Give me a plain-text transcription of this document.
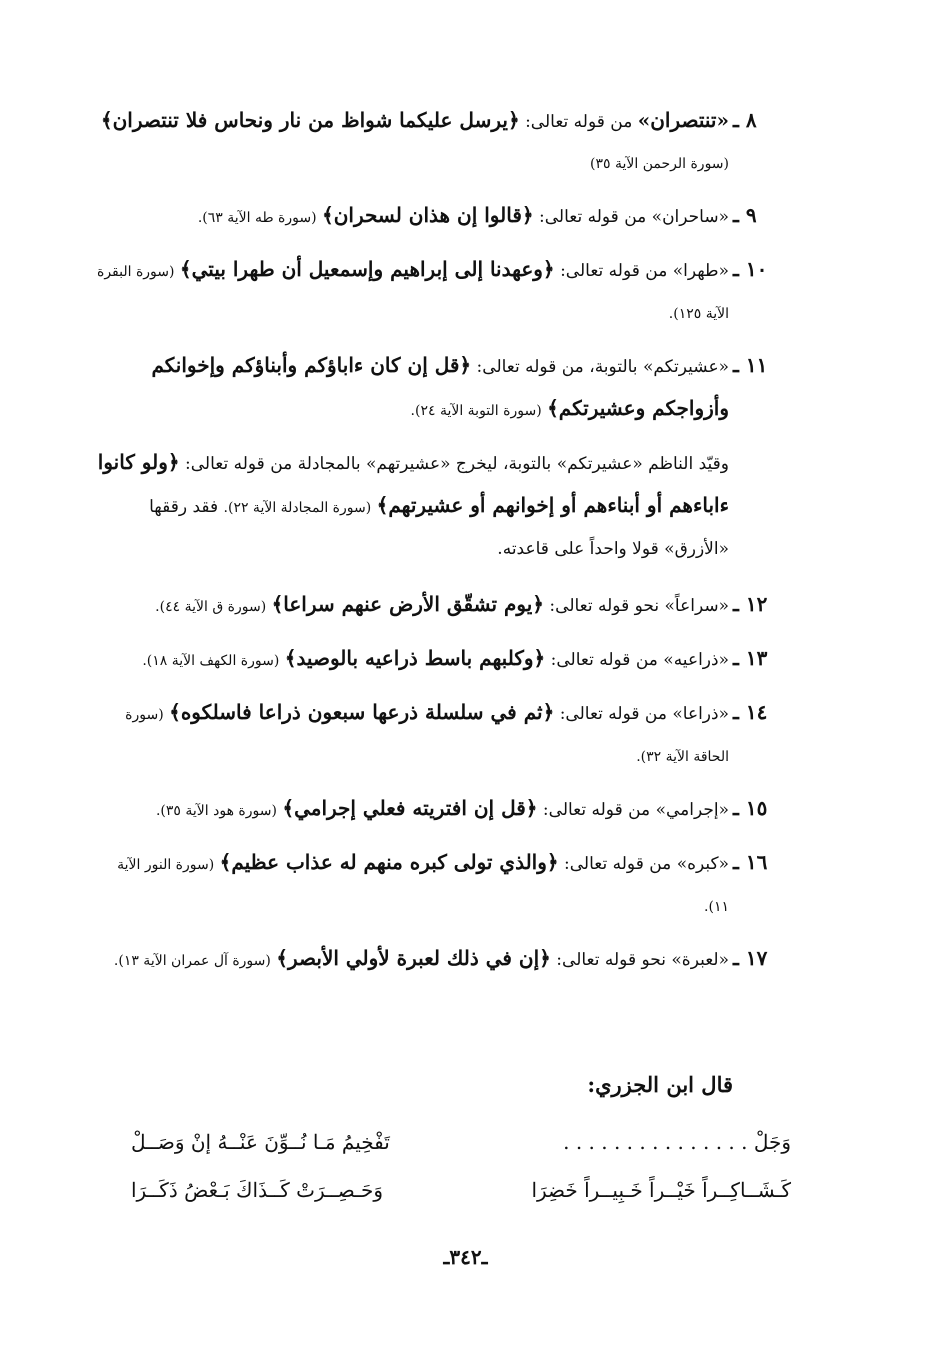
٨ ـ
«تنتصران» من قوله تعالى: ﴿يرسل عليكما شواظ من نار ونحاس فلا تنتصران﴾ (سورة الرحمن الآية ٣٥)
٩ ـ
«ساحران» من قوله تعالى: ﴿قالوا إن هذان لسحران﴾ (سورة طه الآية ٦٣).
١٠ ـ
«طهرا» من قوله تعالى: ﴿وعهدنا إلى إبراهيم وإسمعيل أن طهرا بيتي﴾ (سورة البقرة الآية ١٢٥).
١١ ـ
«عشيرتكم» بالتوبة، من قوله تعالى: ﴿قل إن كان ءاباؤكم وأبناؤكم وإخوانكم وأزواجكم وعشيرتكم﴾ (سورة التوبة الآية ٢٤).
وقيّد الناظم «عشيرتكم» بالتوبة، ليخرج «عشيرتهم» بالمجادلة من قوله تعالى: ﴿ولو كانوا ءاباءهم أو أبناءهم أو إخوانهم أو عشيرتهم﴾ (سورة المجادلة الآية ٢٢). فقد رققها «الأزرق» قولا واحداً على قاعدته.
١٢ ـ
«سراعاً» نحو قوله تعالى: ﴿يوم تشقّق الأرض عنهم سراعا﴾ (سورة ق الآية ٤٤).
١٣ ـ
«ذراعيه» من قوله تعالى: ﴿وكلبهم باسط ذراعيه بالوصيد﴾ (سورة الكهف الآية ١٨).
١٤ ـ
«ذراعا» من قوله تعالى: ﴿ثم في سلسلة ذرعها سبعون ذراعا فاسلكوه﴾ (سورة الحاقة الآية ٣٢).
١٥ ـ
«إجرامي» من قوله تعالى: ﴿قل إن افتريته فعلي إجرامي﴾ (سورة هود الآية ٣٥).
١٦ ـ
«كبره» من قوله تعالى: ﴿والذي تولى كبره منهم له عذاب عظيم﴾ (سورة النور الآية ١١).
١٧ ـ
«لعبرة» نحو قوله تعالى: ﴿إن في ذلك لعبرة لأولي الأبصر﴾ (سورة آل عمران الآية ١٣).
قال ابن الجزري:
وَجَلْ . . . . . . . . . . . . . . .
تَفْخِيمُ مَـا نُــوِّنَ عَنْــهُ إنْ وَصَــلْ
كَـشَــاكِــراً خَيْــراً خَـبِيــراً خَضِرَا
وَحَـصِــرَتْ كَــذَاكَ بَـعْضُ ذَكَــرَا
ـ٣٤٢ـ
